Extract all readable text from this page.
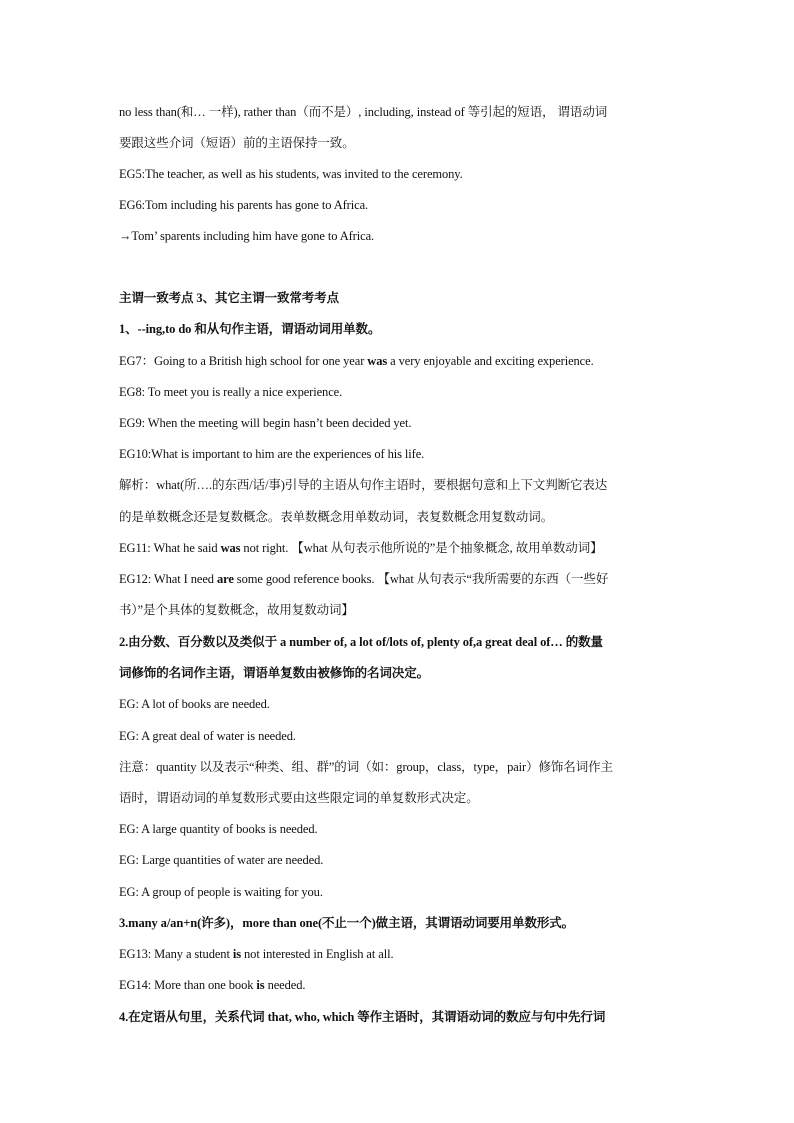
no less than(和… 一样), rather than（而不是）, including, instead of 等引起的短语， 谓语动词
要跟这些介词（短语）前的主语保持一致。
EG5:The teacher, as well as his students, was invited to the ceremony.
EG6:Tom including his parents has gone to Africa.
→Tom’ sparents including him have gone to Africa.
主谓一致考点 3、其它主谓一致常考考点
1、--ing,to do 和从句作主语，谓语动词用单数。
EG7：Going to a British high school for one year was a very enjoyable and exciting experience.
EG8: To meet you is really a nice experience.
EG9: When the meeting will begin hasn’t been decided yet.
EG10:What is important to him are the experiences of his life.
解析：what(所….的东西/话/事)引导的主语从句作主语时，要根据句意和上下文判断它表达
的是单数概念还是复数概念。表单数概念用单数动词，表复数概念用复数动词。
EG11: What he said was not right. 【what 从句表示他所说的”是个抽象概念, 故用单数动词】
EG12: What I need are some good reference books. 【what 从句表示“我所需要的东西（一些好
书）”是个具体的复数概念，故用复数动词】
2.由分数、百分数以及类似于 a number of, a lot of/lots of, plenty of,a great deal of… 的数量
词修饰的名词作主语，谓语单复数由被修饰的名词决定。
EG: A lot of books are needed.
EG: A great deal of water is needed.
注意：quantity 以及表示“种类、组、群”的词（如：group，class，type，pair）修饰名词作主
语时，谓语动词的单复数形式要由这些限定词的单复数形式决定。
EG: A large quantity of books is needed.
EG: Large quantities of water are needed.
EG: A group of people is waiting for you.
3.many a/an+n(许多)，more than one(不止一个)做主语，其谓语动词要用单数形式。
EG13: Many a student is not interested in English at all.
EG14: More than one book is needed.
4.在定语从句里，关系代词 that, who, which 等作主语时，其谓语动词的数应与句中先行词
